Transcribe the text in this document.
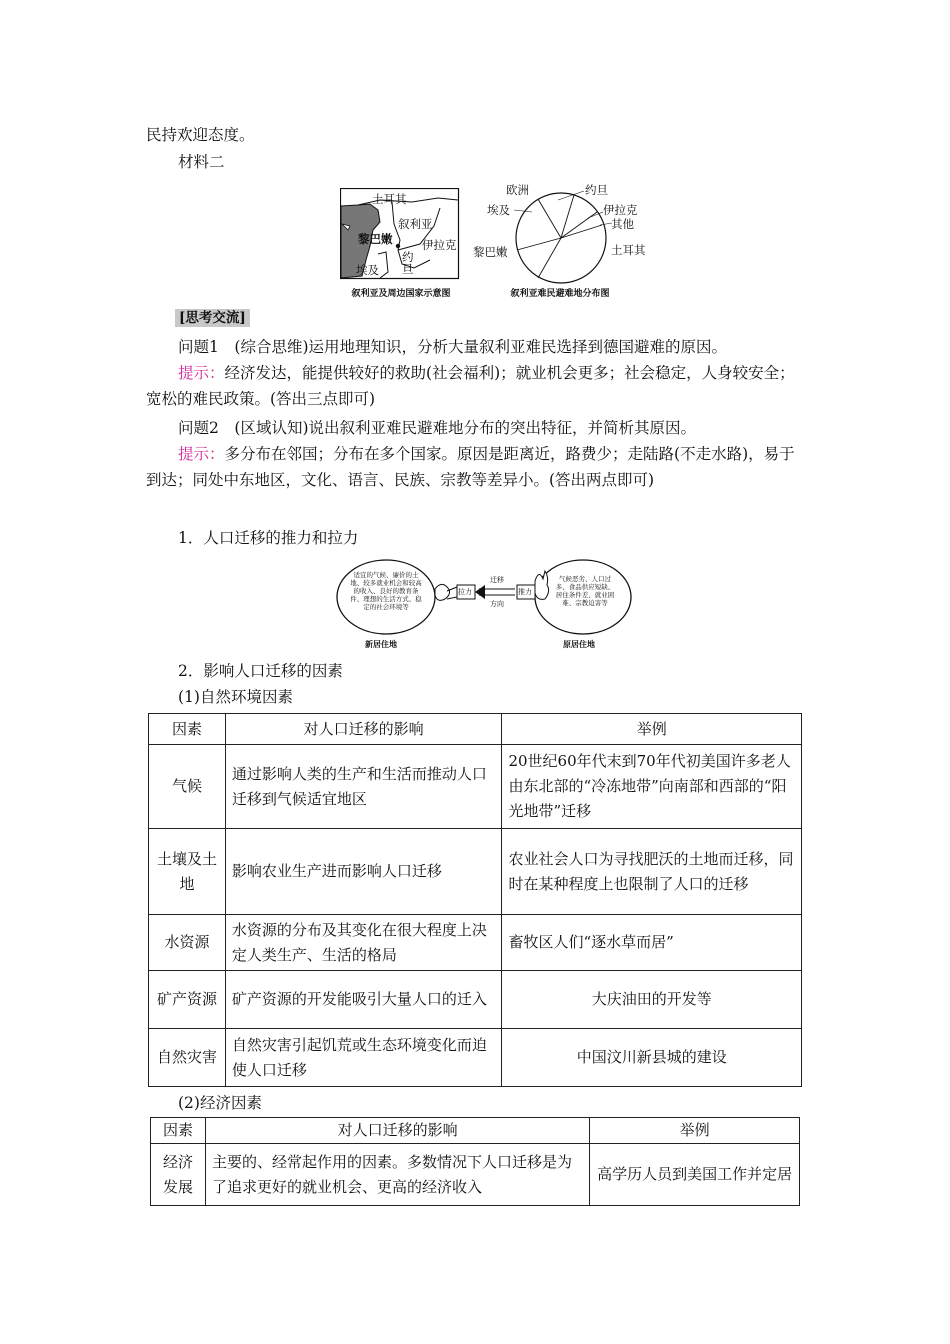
民持欢迎态度。
材料二
土耳其
叙利亚
黎巴嫩	伊拉克
约旦
埃及
叙利亚及周边国家示意图
欧洲	约旦
埃及	伊拉克
其他
黎巴嫩	土耳其
叙利亚难民避难地分布图
[思考交流]
问题1　 (综合思维)运用地理知识，分析大量叙利亚难民选择到德国避难的原因。
提示：经济发达，能提供较好的救助(社会福利)；就业机会更多；社会稳定，人身较安全；宽松的难民政策。(答出三点即可)
问题2　 (区域认知)说出叙利亚难民避难地分布的突出特征，并简析其原因。
提示：多分布在邻国；分布在多个国家。原因是距离近，路费少；走陆路(不走水路)，易于到达；同处中东地区，文化、语言、民族、宗教等差异小。(答出两点即可)
1．人口迁移的推力和拉力
适宜的气候、廉价的土地、较多就业机会和较高的收入、良好的教育条件、理想的生活方式、稳定的社会环境等
气候恶劣、人口过多、食品供应短缺、居住条件差、就业困难、宗教迫害等
拉力	推力
迁移
方向
新居住地	原居住地
2．影响人口迁移的因素
(1)自然环境因素
因素	对人口迁移的影响	举例
气候	通过影响人类的生产和生活而推动人口迁移到气候适宜地区	20世纪60年代末到70年代初美国许多老人由东北部的“冷冻地带”向南部和西部的“阳光地带”迁移
土壤及土地	影响农业生产进而影响人口迁移	农业社会人口为寻找肥沃的土地而迁移，同时在某种程度上也限制了人口的迁移
水资源	水资源的分布及其变化在很大程度上决定人类生产、生活的格局	畜牧区人们“逐水草而居”
矿产资源	矿产资源的开发能吸引大量人口的迁入	大庆油田的开发等
自然灾害	自然灾害引起饥荒或生态环境变化而迫使人口迁移	中国汶川新县城的建设
(2)经济因素
因素	对人口迁移的影响	举例
经济发展	主要的、经常起作用的因素。多数情况下人口迁移是为了追求更好的就业机会、更高的经济收入	高学历人员到美国工作并定居
